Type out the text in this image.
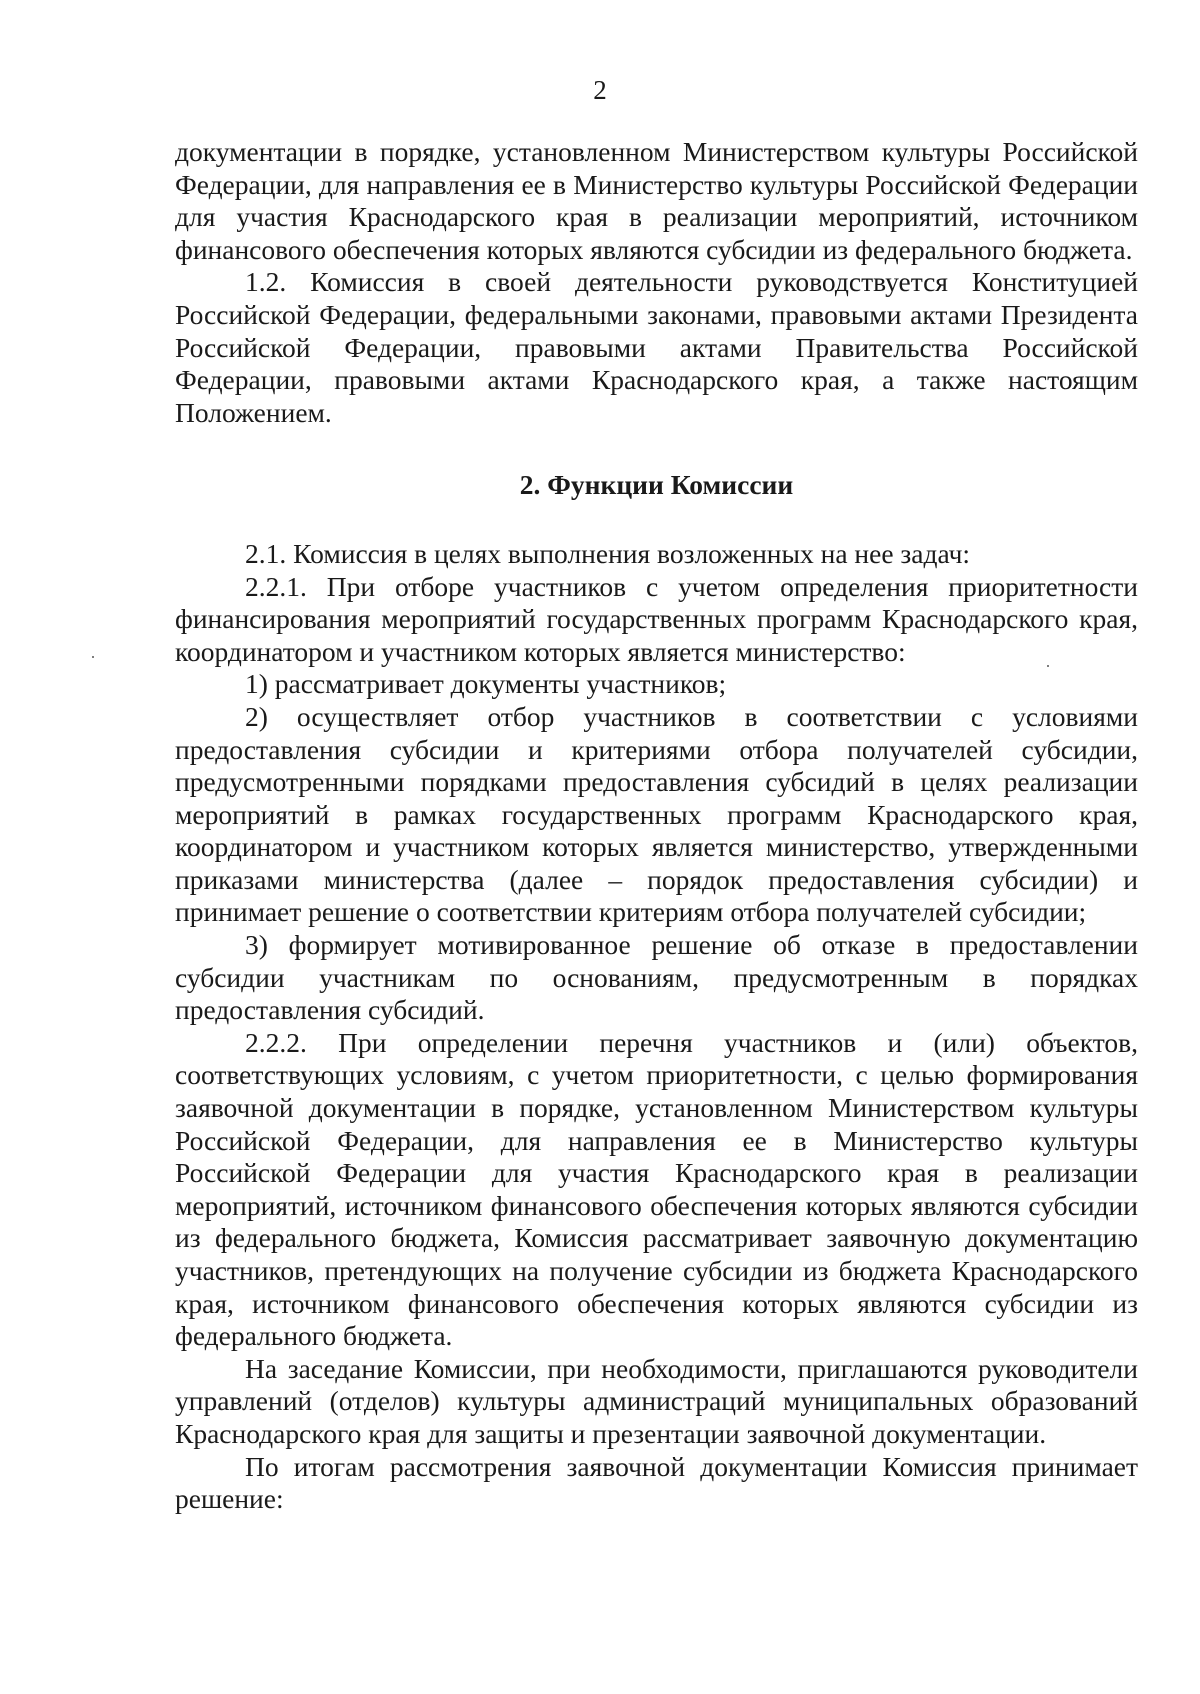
2

документации в порядке, установленном Министерством культуры Российской Федерации, для направления ее в Министерство культуры Российской Федерации для участия Краснодарского края в реализации мероприятий, источником финансового обеспечения которых являются субсидии из федерального бюджета.

1.2. Комиссия в своей деятельности руководствуется Конституцией Российской Федерации, федеральными законами, правовыми актами Президента Российской Федерации, правовыми актами Правительства Российской Федерации, правовыми актами Краснодарского края, а также настоящим Положением.

2. Функции Комиссии

2.1. Комиссия в целях выполнения возложенных на нее задач:

2.2.1. При отборе участников с учетом определения приоритетности финансирования мероприятий государственных программ Краснодарского края, координатором и участником которых является министерство:

1) рассматривает документы участников;

2) осуществляет отбор участников в соответствии с условиями предоставления субсидии и критериями отбора получателей субсидии, предусмотренными порядками предоставления субсидий в целях реализации мероприятий в рамках государственных программ Краснодарского края, координатором и участником которых является министерство, утвержденными приказами министерства (далее – порядок предоставления субсидии) и принимает решение о соответствии критериям отбора получателей субсидии;

3) формирует мотивированное решение об отказе в предоставлении субсидии участникам по основаниям, предусмотренным в порядках предоставления субсидий.

2.2.2. При определении перечня участников и (или) объектов, соответствующих условиям, с учетом приоритетности, с целью формирования заявочной документации в порядке, установленном Министерством культуры Российской Федерации, для направления ее в Министерство культуры Российской Федерации для участия Краснодарского края в реализации мероприятий, источником финансового обеспечения которых являются субсидии из федерального бюджета, Комиссия рассматривает заявочную документацию участников, претендующих на получение субсидии из бюджета Краснодарского края, источником финансового обеспечения которых являются субсидии из федерального бюджета.

На заседание Комиссии, при необходимости, приглашаются руководители управлений (отделов) культуры администраций муниципальных образований Краснодарского края для защиты и презентации заявочной документации.

По итогам рассмотрения заявочной документации Комиссия принимает решение:
